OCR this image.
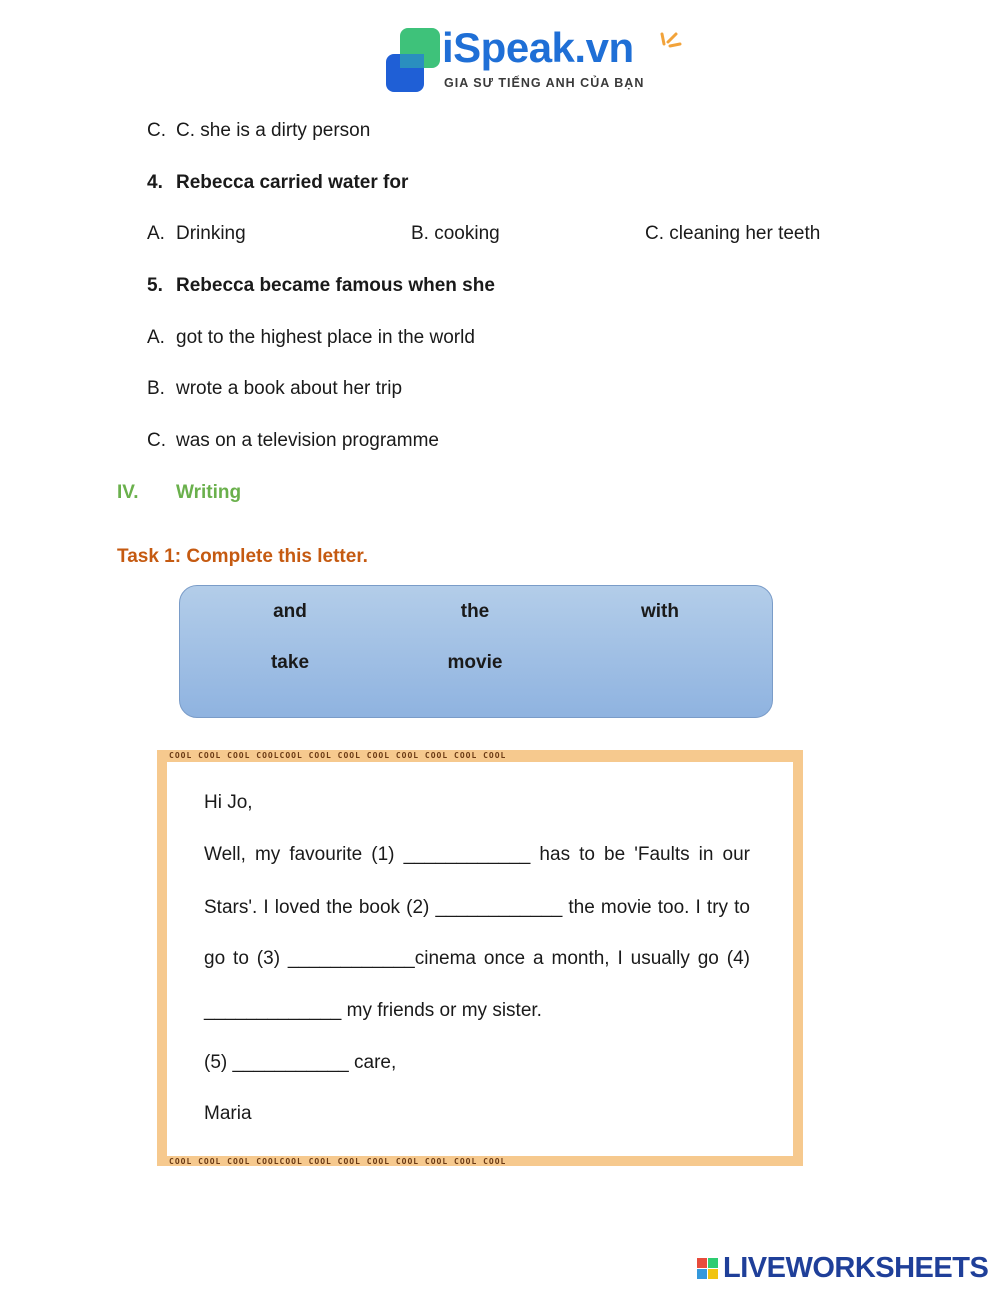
iSpeak.vn
GIA SƯ TIẾNG ANH CỦA BẠN
C. C. she is a dirty person
4. Rebecca carried water for
A. Drinking	B. cooking	C. cleaning her teeth
5. Rebecca became famous when she
A. got to the highest place in the world
B. wrote a book about her trip
C. was on a television programme
IV. Writing
Task 1: Complete this letter.
and	the	with
take	movie
COOL COOL COOL COOLCOOL COOL COOL COOL COOL COOL COOL COOL
COOL COOL COOL COOLCOOL COOL COOL COOL COOL COOL COOL COOL
Hi Jo,
Well, my favourite (1) ____________ has to be 'Faults in our
Stars'. I loved the book (2) ____________ the movie too. I try to
go to (3) ____________cinema once a month, I usually go (4)
_____________ my friends or my sister.
(5) ___________ care,
Maria
LIVEWORKSHEETS
